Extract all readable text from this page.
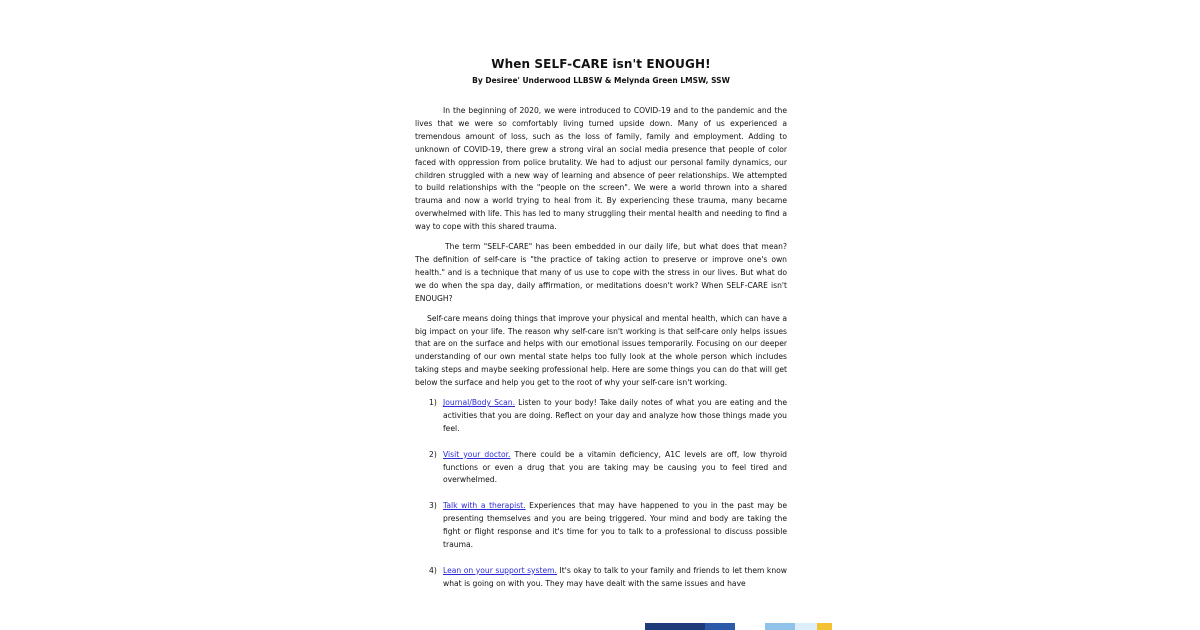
When SELF-CARE isn't ENOUGH!

By Desiree' Underwood LLBSW & Melynda Green LMSW, SSW

In the beginning of 2020, we were introduced to COVID-19 and to the pandemic and the lives that we were so comfortably living turned upside down. Many of us experienced a tremendous amount of loss, such as the loss of family, family and employment. Adding to unknown of COVID-19, there grew a strong viral an social media presence that people of color faced with oppression from police brutality. We had to adjust our personal family dynamics, our children struggled with a new way of learning and absence of peer relationships. We attempted to build relationships with the "people on the screen". We were a world thrown into a shared trauma and now a world trying to heal from it. By experiencing these trauma, many became overwhelmed with life. This has led to many struggling their mental health and needing to find a way to cope with this shared trauma.

The term "SELF-CARE" has been embedded in our daily life, but what does that mean? The definition of self-care is "the practice of taking action to preserve or improve one's own health." and is a technique that many of us use to cope with the stress in our lives. But what do we do when the spa day, daily affirmation, or meditations doesn't work? When SELF-CARE isn't ENOUGH?

Self-care means doing things that improve your physical and mental health, which can have a big impact on your life. The reason why self-care isn't working is that self-care only helps issues that are on the surface and helps with our emotional issues temporarily. Focusing on our deeper understanding of our own mental state helps too fully look at the whole person which includes taking steps and maybe seeking professional help. Here are some things you can do that will get below the surface and help you get to the root of why your self-care isn't working.

1) Journal/Body Scan. Listen to your body! Take daily notes of what you are eating and the activities that you are doing. Reflect on your day and analyze how those things made you feel.
2) Visit your doctor. There could be a vitamin deficiency, A1C levels are off, low thyroid functions or even a drug that you are taking may be causing you to feel tired and overwhelmed.
3) Talk with a therapist. Experiences that may have happened to you in the past may be presenting themselves and you are being triggered. Your mind and body are taking the fight or flight response and it's time for you to talk to a professional to discuss possible trauma.
4) Lean on your support system. It's okay to talk to your family and friends to let them know what is going on with you. They may have dealt with the same issues and have
